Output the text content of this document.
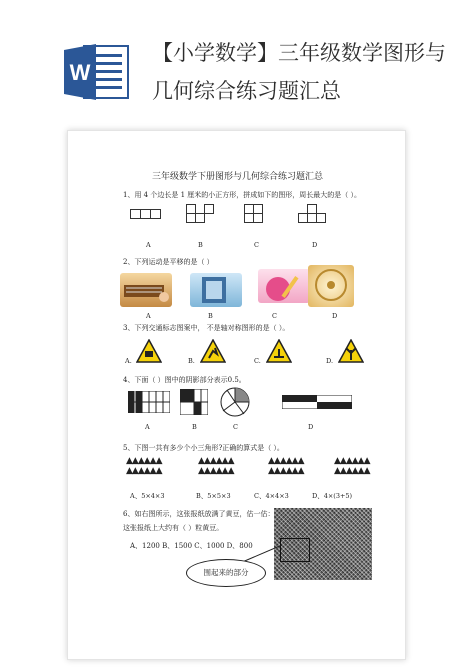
W
【小学数学】三年级数学图形与几何综合练习题汇总
三年级数学下册图形与几何综合练习题汇总
1、用 4 个边长是 1 厘米的小正方形，拼成如下的图形，周长最大的是（ ）。
A	B	C	D
2、下列运动是平移的是（ ）
A	B	C	D
3、下列交通标志图案中， 不是轴对称图形的是（ ）。
A.	B.	C.	D.
4、下面（ ）图中的阴影部分表示0.5。
A	B	C	D
5、下图一共有多少个小三角形?正确的算式是（ ）。
▲▲▲▲▲▲
▲▲▲▲▲▲
▲▲▲▲▲▲
▲▲▲▲▲▲
▲▲▲▲▲▲
▲▲▲▲▲▲
▲▲▲▲▲▲
▲▲▲▲▲▲
A、5×4×3	B、5×5×3	C、4×4×3	D、4×(3+5)
6、如右图所示，这张报纸放满了黄豆，估一估：
这张报纸上大约有（ ）粒黄豆。
A、1200 B、1500 C、1000 D、800
围起来的部分
